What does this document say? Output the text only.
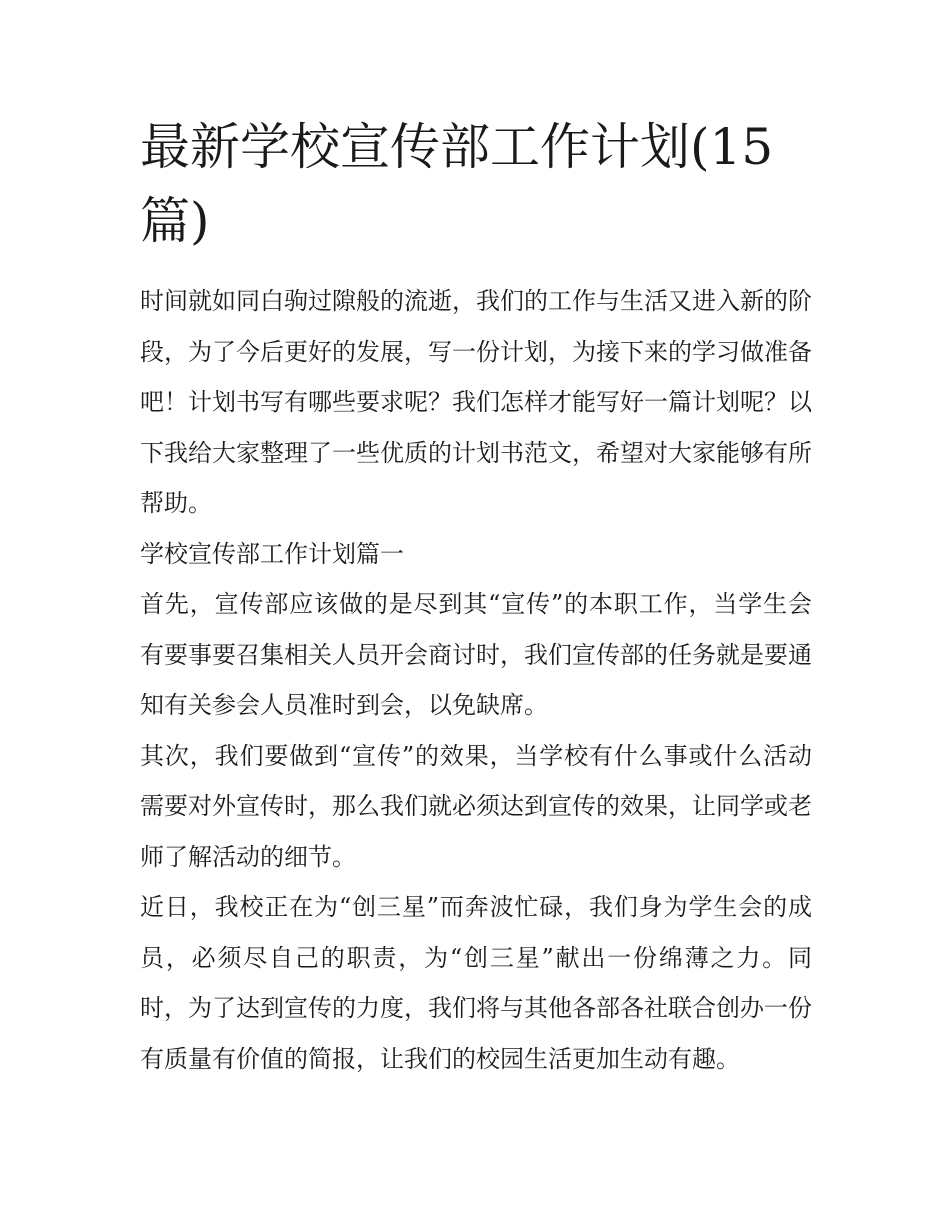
最新学校宣传部工作计划(15篇)

时间就如同白驹过隙般的流逝，我们的工作与生活又进入新的阶段，为了今后更好的发展，写一份计划，为接下来的学习做准备吧！计划书写有哪些要求呢？我们怎样才能写好一篇计划呢？以下我给大家整理了一些优质的计划书范文，希望对大家能够有所帮助。

学校宣传部工作计划篇一

首先，宣传部应该做的是尽到其“宣传”的本职工作，当学生会有要事要召集相关人员开会商讨时，我们宣传部的任务就是要通知有关参会人员准时到会，以免缺席。

其次，我们要做到“宣传”的效果，当学校有什么事或什么活动需要对外宣传时，那么我们就必须达到宣传的效果，让同学或老师了解活动的细节。

近日，我校正在为“创三星”而奔波忙碌，我们身为学生会的成员，必须尽自己的职责，为“创三星”献出一份绵薄之力。同时，为了达到宣传的力度，我们将与其他各部各社联合创办一份有质量有价值的简报，让我们的校园生活更加生动有趣。
